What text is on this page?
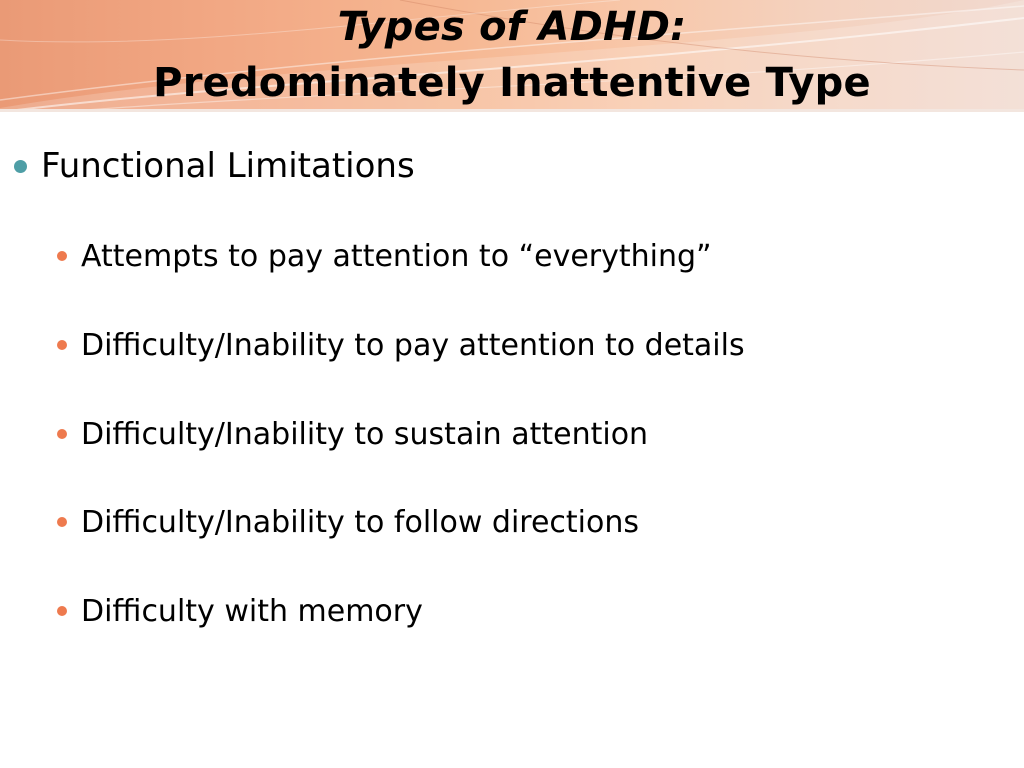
Types of ADHD:
Predominately Inattentive Type
Functional Limitations
Attempts to pay attention to “everything”
Difficulty/Inability to pay attention to details
Difficulty/Inability to sustain attention
Difficulty/Inability to follow directions
Difficulty with memory
